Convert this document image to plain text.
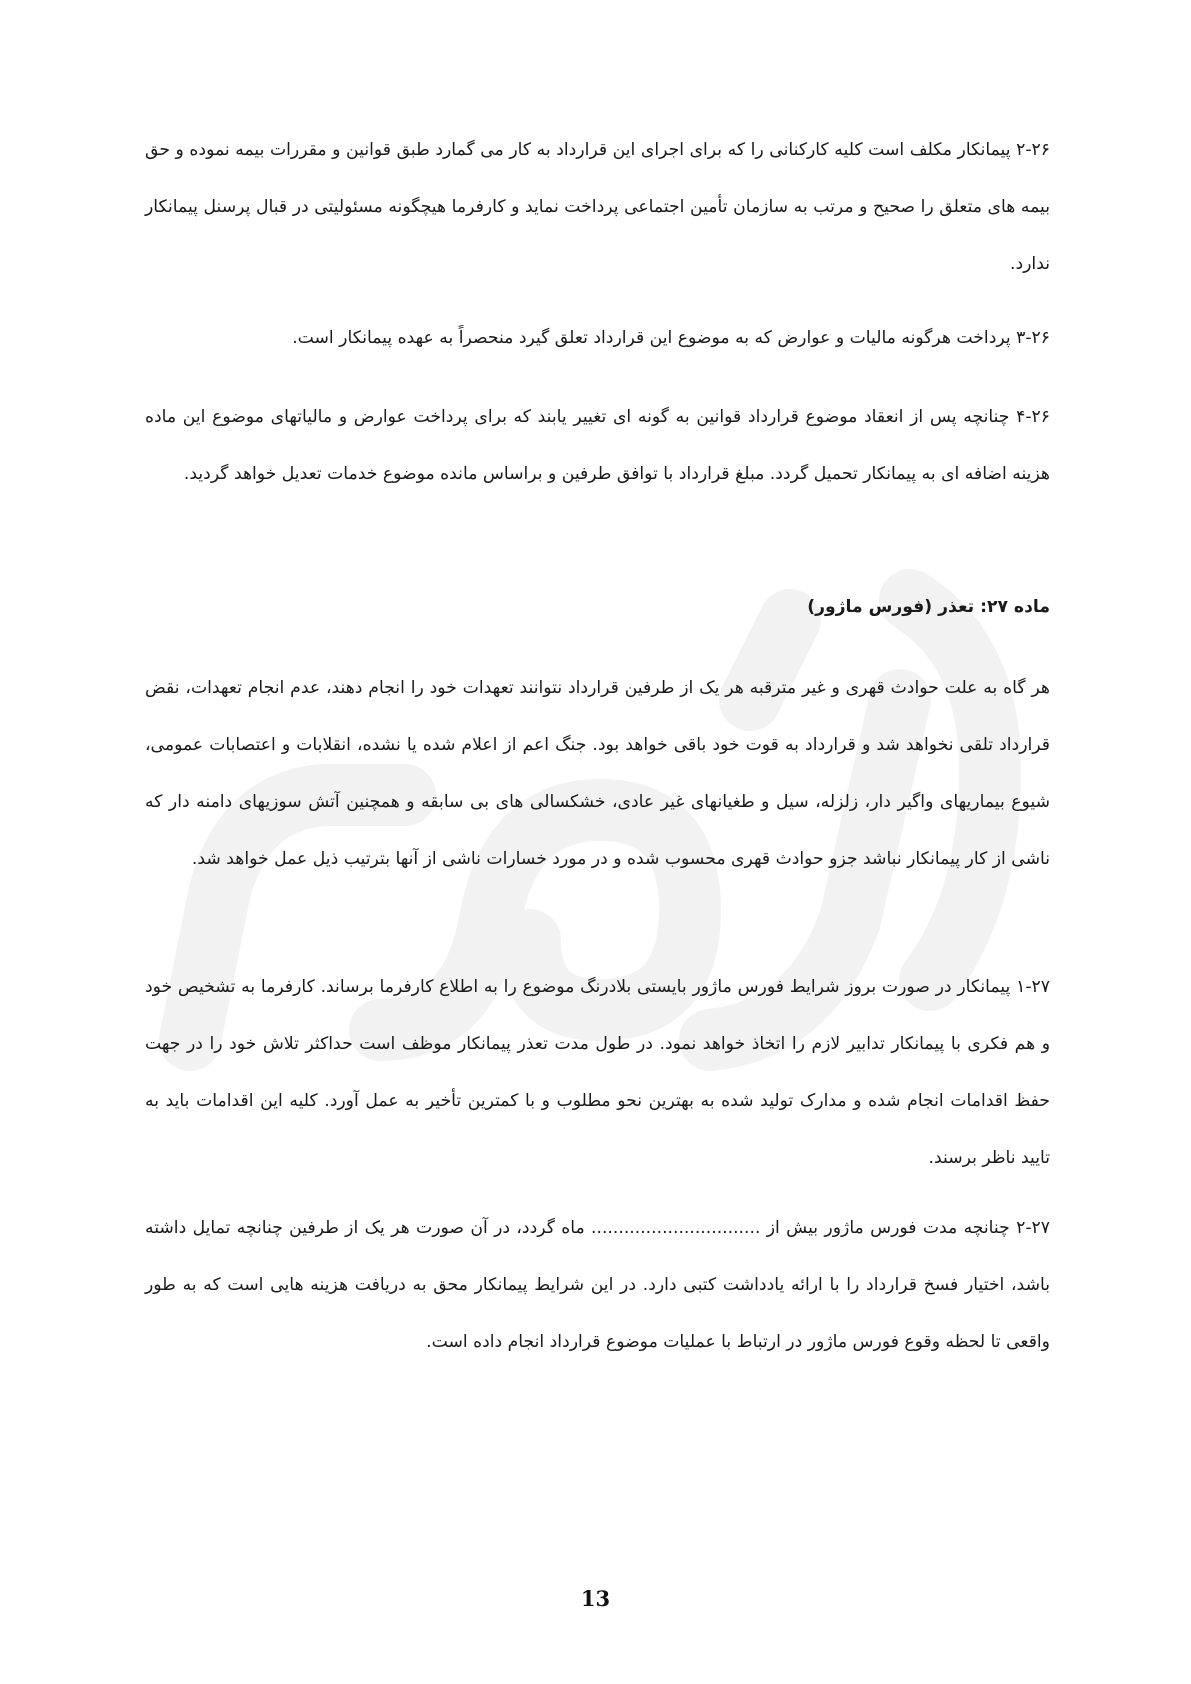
۲-۲۶ پیمانکار مکلف است کلیه کارکنانی را که برای اجرای این قرارداد به کار می گمارد طبق قوانین و مقررات بیمه نموده و حق بیمه های متعلق را صحیح و مرتب به سازمان تأمین اجتماعی پرداخت نماید و کارفرما هیچگونه مسئولیتی در قبال پرسنل پیمانکار ندارد.

۳-۲۶ پرداخت هرگونه مالیات و عوارض که به موضوع این قرارداد تعلق گیرد منحصراً به عهده پیمانکار است.

۴-۲۶ چنانچه پس از انعقاد موضوع قرارداد قوانین به گونه ای تغییر یابند که برای پرداخت عوارض و مالیاتهای موضوع این ماده هزینه اضافه ای به پیمانکار تحمیل گردد. مبلغ قرارداد با توافق طرفین و براساس مانده موضوع خدمات تعدیل خواهد گردید.

ماده ۲۷: تعذر (فورس ماژور)

هر گاه به علت حوادث قهری و غیر مترقبه هر یک از طرفین قرارداد نتوانند تعهدات خود را انجام دهند، عدم انجام تعهدات، نقض قرارداد تلقی نخواهد شد و قرارداد به قوت خود باقی خواهد بود. جنگ اعم از اعلام شده یا نشده، انقلابات و اعتصابات عمومی، شیوع بیماریهای واگیر دار، زلزله، سیل و طغیانهای غیر عادی، خشکسالی های بی سابقه و همچنین آتش سوزیهای دامنه دار که ناشی از کار پیمانکار نباشد جزو حوادث قهری محسوب شده و در مورد خسارات ناشی از آنها بترتیب ذیل عمل خواهد شد.

۱-۲۷ پیمانکار در صورت بروز شرایط فورس ماژور بایستی بلادرنگ موضوع را به اطلاع کارفرما برساند. کارفرما به تشخیص خود و هم فکری با پیمانکار تدابیر لازم را اتخاذ خواهد نمود. در طول مدت تعذر پیمانکار موظف است حداکثر تلاش خود را در جهت حفظ اقدامات انجام شده و مدارک تولید شده به بهترین نحو مطلوب و با کمترین تأخیر به عمل آورد. کلیه این اقدامات باید به تایید ناظر برسند.

۲-۲۷ چنانچه مدت فورس ماژور بیش از ............................... ماه گردد، در آن صورت هر یک از طرفین چنانچه تمایل داشته باشد، اختیار فسخ قرارداد را با ارائه یادداشت کتبی دارد. در این شرایط پیمانکار محق به دریافت هزینه هایی است که به طور واقعی تا لحظه وقوع فورس ماژور در ارتباط با عملیات موضوع قرارداد انجام داده است.

13
